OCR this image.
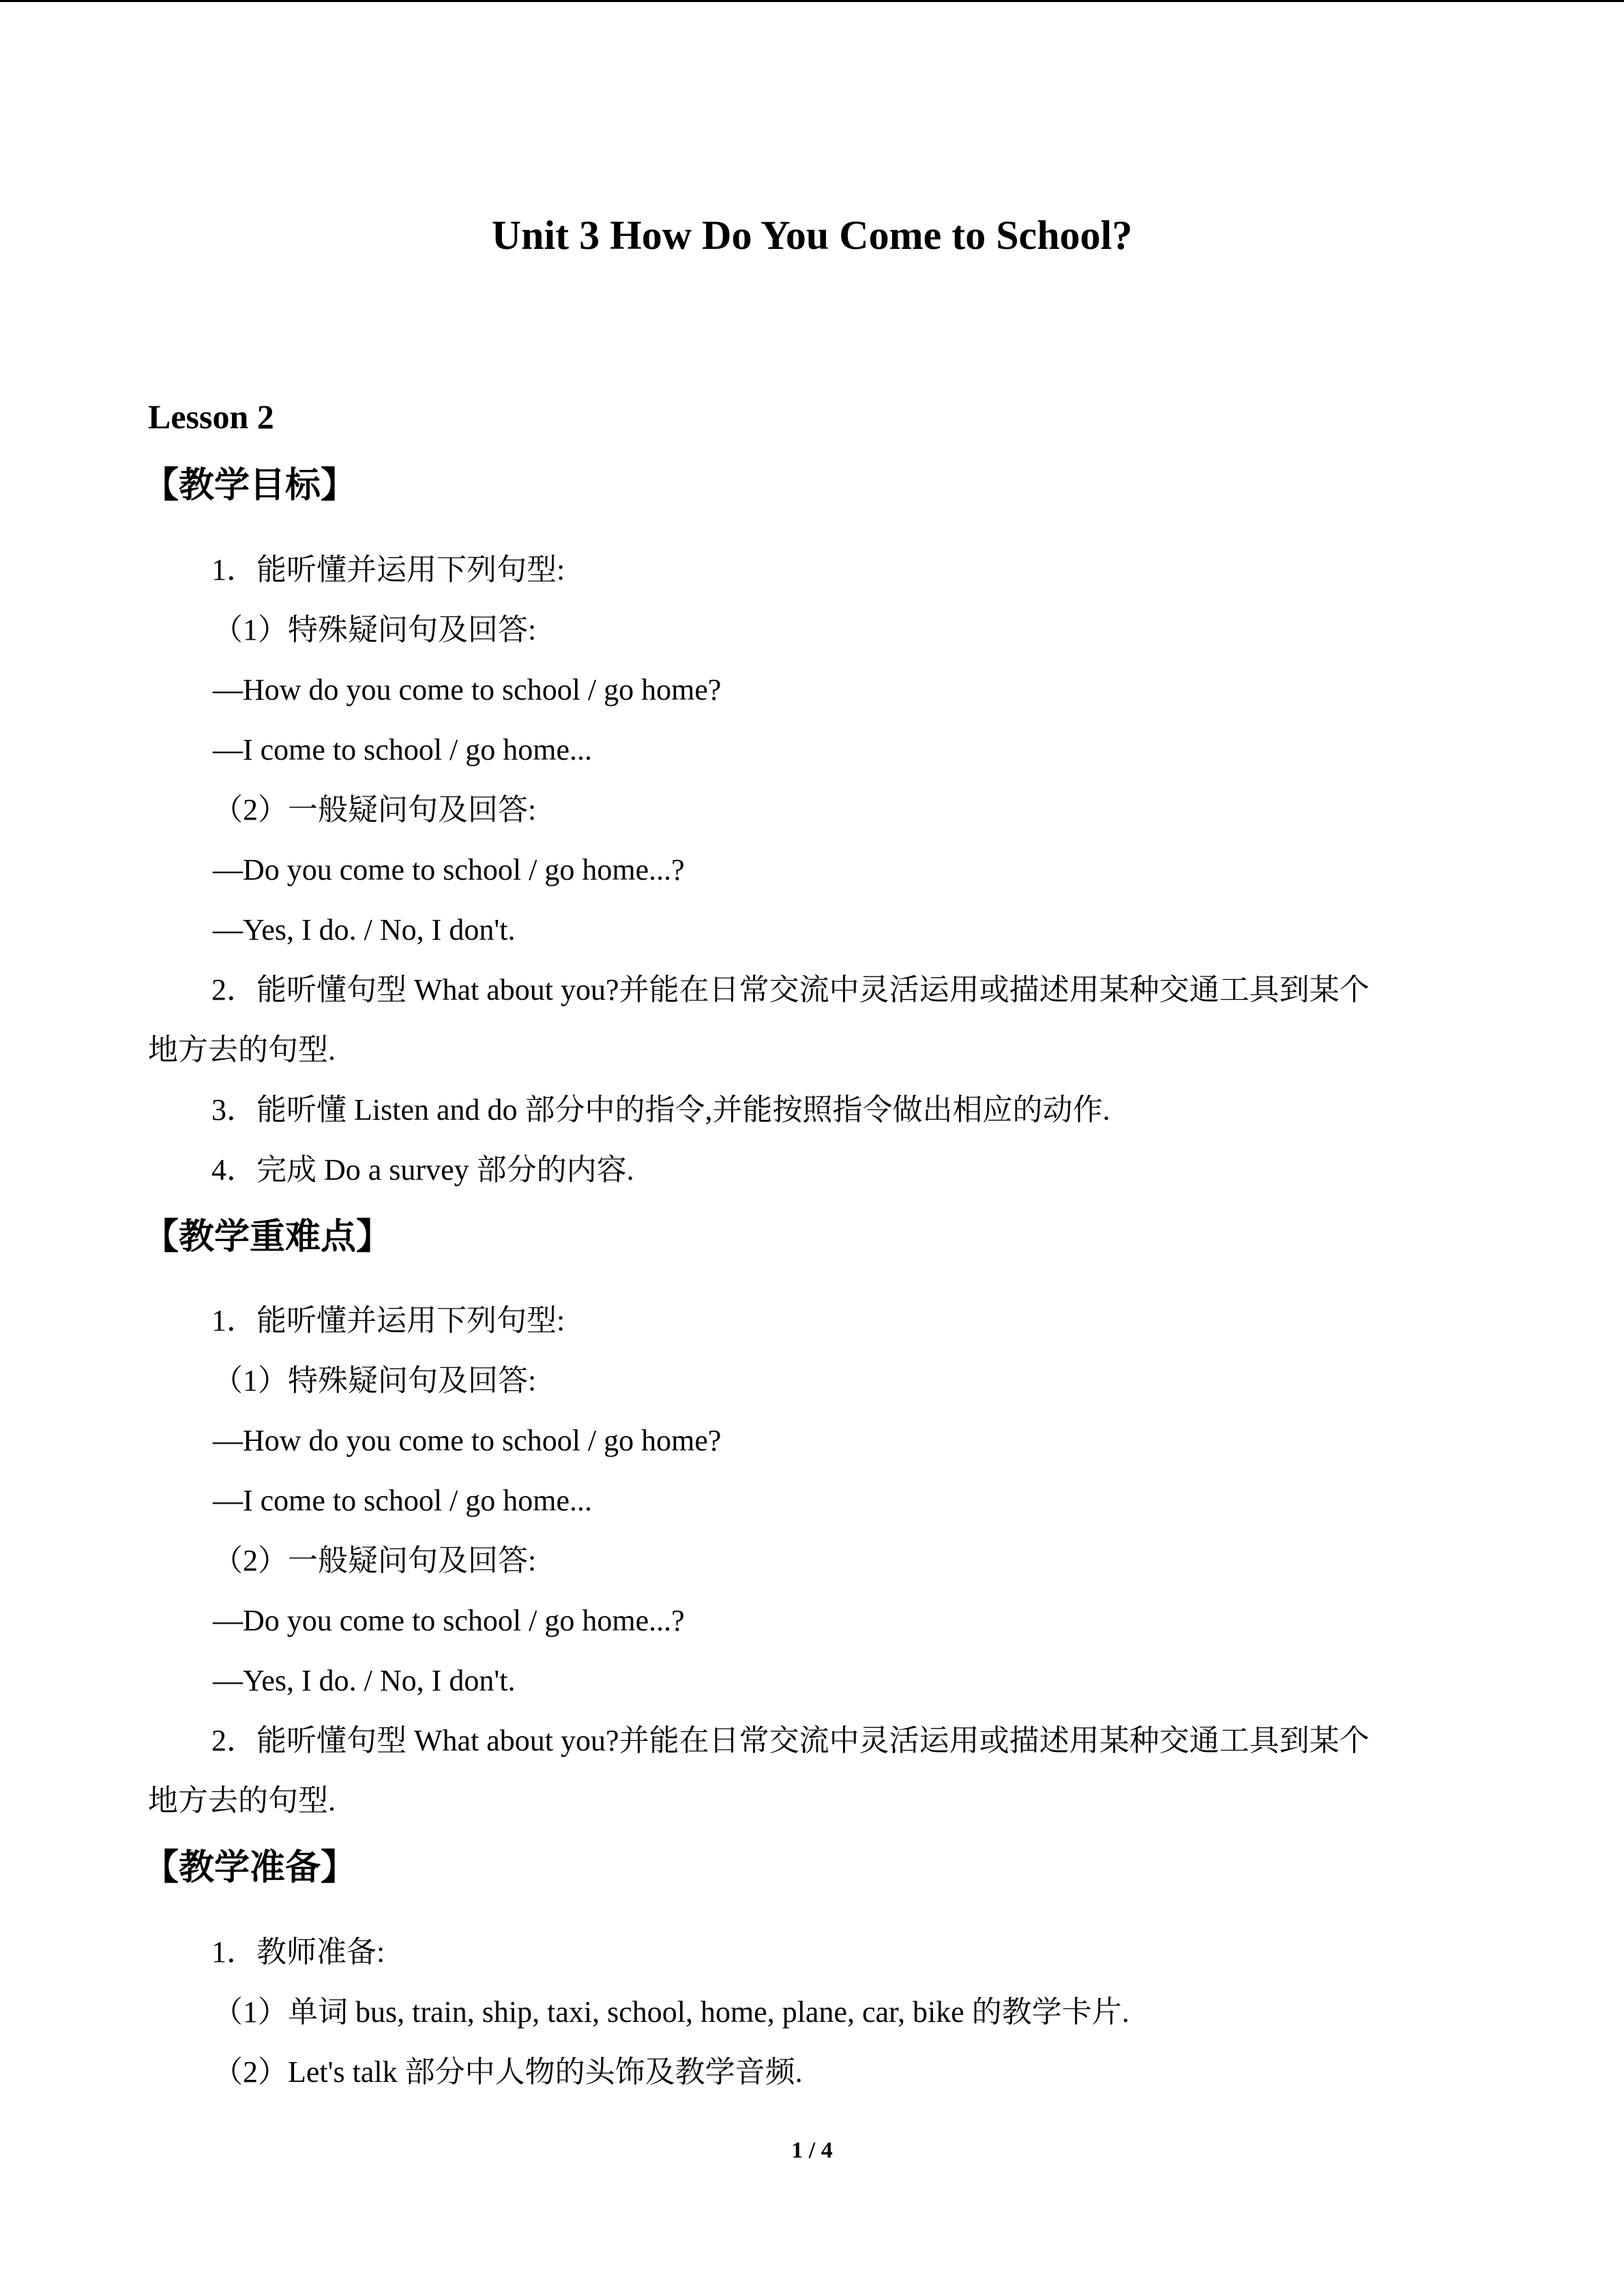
Unit 3 How Do You Come to School?
Lesson 2
【教学目标】
1．能听懂并运用下列句型:
（1）特殊疑问句及回答:
—How do you come to school / go home?
—I come to school / go home...
（2）一般疑问句及回答:
—Do you come to school / go home...?
—Yes, I do. / No, I don't.
2．能听懂句型 What about you?并能在日常交流中灵活运用或描述用某种交通工具到某个
地方去的句型.
3．能听懂 Listen and do 部分中的指令,并能按照指令做出相应的动作.
4．完成 Do a survey 部分的内容.
【教学重难点】
1．能听懂并运用下列句型:
（1）特殊疑问句及回答:
—How do you come to school / go home?
—I come to school / go home...
（2）一般疑问句及回答:
—Do you come to school / go home...?
—Yes, I do. / No, I don't.
2．能听懂句型 What about you?并能在日常交流中灵活运用或描述用某种交通工具到某个
地方去的句型.
【教学准备】
1．教师准备:
（1）单词 bus, train, ship, taxi, school, home, plane, car, bike 的教学卡片.
（2）Let's talk 部分中人物的头饰及教学音频.
1 / 4
